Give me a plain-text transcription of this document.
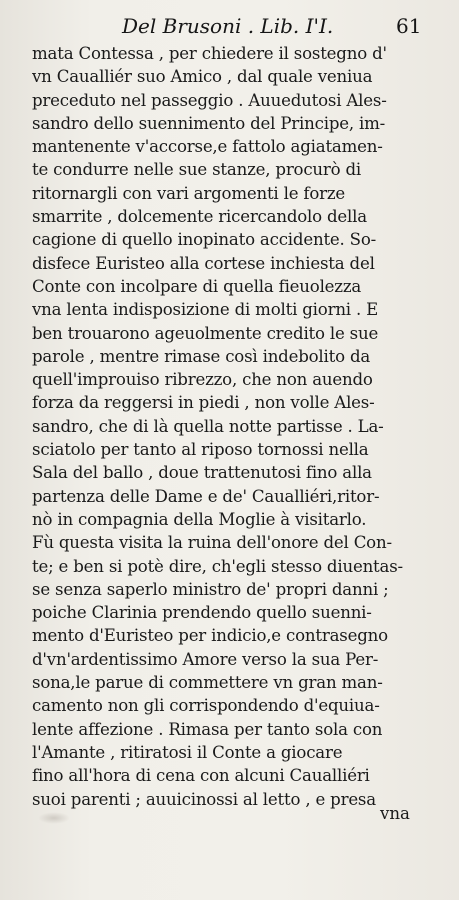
Del Brusoni . Lib. I'I.	61
mata Contessa , per chiedere il sostegno d'
vn Caualliér suo Amico , dal quale veniua
preceduto nel passeggio . Auuedutosi Ales-
sandro dello suennimento del Principe, im-
mantenente v'accorse,e fattolo agiatamen-
te condurre nelle sue stanze, procurò di
ritornargli con vari argomenti le forze
smarrite , dolcemente ricercandolo della
cagione di quello inopinato accidente. So-
disfece Euristeo alla cortese inchiesta del
Conte con incolpare di quella fieuolezza
vna lenta indisposizione di molti giorni . E
ben trouarono ageuolmente credito le sue
parole , mentre rimase così indebolito da
quell'improuiso ribrezzo, che non auendo
forza da reggersi in piedi , non volle Ales-
sandro, che di là quella notte partisse . La-
sciatolo per tanto al riposo tornossi nella
Sala del ballo , doue trattenutosi fino alla
partenza delle Dame e de' Caualliéri,ritor-
nò in compagnia della Moglie à visitarlo.
Fù questa visita la ruina dell'onore del Con-
te; e ben si potè dire, ch'egli stesso diuentas-
se senza saperlo ministro de' propri danni ;
poiche Clarinia prendendo quello suenni-
mento d'Euristeo per indicio,e contrasegno
d'vn'ardentissimo Amore verso la sua Per-
sona,le parue di commettere vn gran man-
camento non gli corrispondendo d'equiua-
lente affezione . Rimasa per tanto sola con
l'Amante , ritiratosi il Conte a giocare
fino all'hora di cena con alcuni Caualliéri
suoi parenti ; auuicinossi al letto , e presa
vna
